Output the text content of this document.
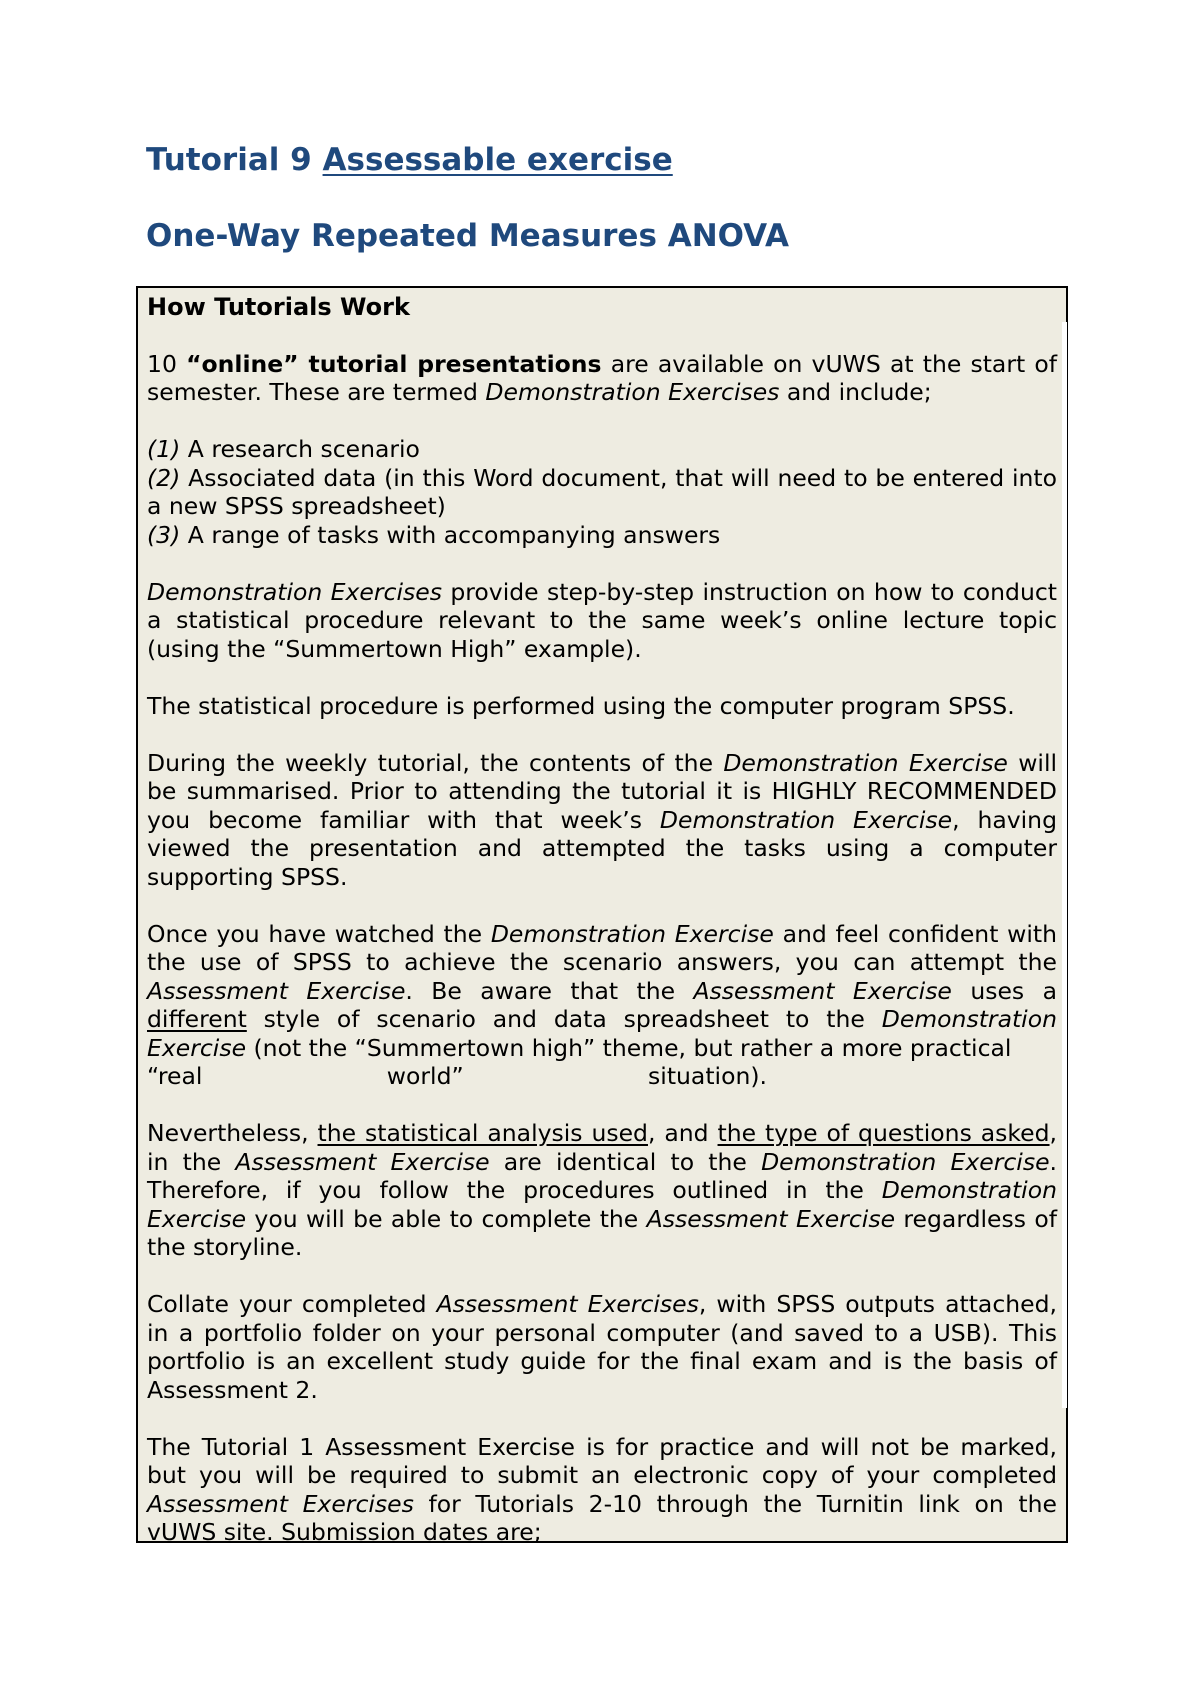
Tutorial 9 Assessable exercise
One-Way Repeated Measures ANOVA

How Tutorials Work

10 “online” tutorial presentations are available on vUWS at the start of semester. These are termed Demonstration Exercises and include;

(1) A research scenario
(2) Associated data (in this Word document, that will need to be entered into a new SPSS spreadsheet)
(3) A range of tasks with accompanying answers

Demonstration Exercises provide step-by-step instruction on how to conduct a statistical procedure relevant to the same week’s online lecture topic (using the “Summertown High” example).

The statistical procedure is performed using the computer program SPSS.

During the weekly tutorial, the contents of the Demonstration Exercise will be summarised. Prior to attending the tutorial it is HIGHLY RECOMMENDED you become familiar with that week’s Demonstration Exercise, having viewed the presentation and attempted the tasks using a computer supporting SPSS.

Once you have watched the Demonstration Exercise and feel confident with the use of SPSS to achieve the scenario answers, you can attempt the Assessment Exercise. Be aware that the Assessment Exercise uses a different style of scenario and data spreadsheet to the Demonstration Exercise (not the “Summertown high” theme, but rather a more practical

“real	world”	situation).

Nevertheless, the statistical analysis used, and the type of questions asked, in the Assessment Exercise are identical to the Demonstration Exercise. Therefore, if you follow the procedures outlined in the Demonstration Exercise you will be able to complete the Assessment Exercise regardless of the storyline.

Collate your completed Assessment Exercises, with SPSS outputs attached, in a portfolio folder on your personal computer (and saved to a USB). This portfolio is an excellent study guide for the final exam and is the basis of Assessment 2.

The Tutorial 1 Assessment Exercise is for practice and will not be marked, but you will be required to submit an electronic copy of your completed Assessment Exercises for Tutorials 2-10 through the Turnitin link on the vUWS site. Submission dates are;
